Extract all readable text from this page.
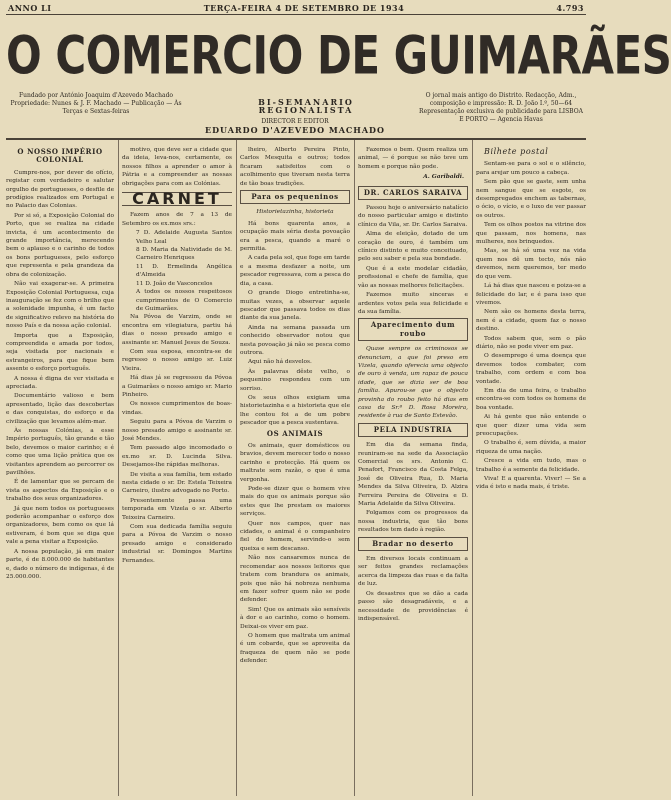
ANNO LI	TERÇA-FEIRA 4 DE SETEMBRO DE 1934	4.793
O COMERCIO DE GUIMARÃES
Fundado por António Joaquim d'Azevedo Machado
Propriedade: Nunes & J. F. Machado — Publicação — Às Terças e Sextas-feiras
BI-SEMANARIO REGIONALISTA
O jornal mais antigo do Distrito. Redacção, Adm., composição e impressão: R. D. João I.º, 50—64
Representação exclusiva de publicidade para LISBOA E PORTO — Agencia Havas
DIRECTOR E EDITOR
EDUARDO D'AZEVEDO MACHADO
O NOSSO IMPÉRIO COLONIAL
Cumpre-nos, por dever de ofício, registar com verdadeiro e salutar orgulho de portugueses, o desfile de prodígios realizados em Portugal e no Palacio das Colonias.
Por si só, a Exposição Colonial do Porto, que se realiza na cidade invicta, é um acontecimento de grande importância, merecendo bem o aplauso e o carinho de todos os bons portugueses, pelo esforço que representa e pela grandeza da obra de colonização.
Não vai exagerar-se. A primeira Exposição Colonial Portuguesa, cuja inauguração se fez com o brilho que a solenidade impunha, é um facto de significativo relevo na história do nosso País e da nossa ação colonial.
Importa que a Exposição, compreendida e amada por todos, seja visitada por nacionais e estrangeiros, para que fique bem assente o esforço português.
A nossa é digna de ver visitada e apreciada.
Documentário valioso e bem apresentado, lição das descobertas e das conquistas, do esforço e da civilização que levamos além-mar.
Às nossas Colónias, a esse Império português, tão grande e tão belo, devemos o maior carinho; e é como que uma lição prática que os visitantes aprendem ao percorrer os pavilhões.
É de lamentar que se percam de vista os aspectos da Exposição e o trabalho dos seus organizadores.
Já que nem todos os portugueses poderão acompanhar o esforço dos organizadores, bem como os que lá estiveram, é bom que se diga que vale a pena visitar a Exposição.
A nossa população, já em maior parte, é de 8.000.000 de habitantes e, dado o número de indígenas, é de 25.000.000.
motivo, que deve ser a cidade que da ideia, leva-nos, certamente, os nossos filhos a aprender o amor à Pátria e a compreender as nossas obrigações para com as Colónias.
CARNET
Fazem anos de 7 a 13 de Setembro os ex.mos srs.:
7 D. Adelaide Augusta Santos Velho Leal
8 D. Maria da Natividade de M. Carneiro Henriques
11 D. Ermelinda Angélica d'Almeida
11 D. João de Vasconcelos
A todos os nossos respeitosos cumprimentos de O Comercio de Guimarães.
Na Póvoa de Varzim, onde se encontra em vilegiatura, partiu há dias o nosso presado amigo e assinante sr. Manuel Jesus de Souza.
Com sua esposa, encontra-se de regresso o nosso amigo sr. Luiz Vieira.
Há dias já se regressou da Póvoa a Guimarães o nosso amigo sr. Mario Pinheiro.
Os nossos cumprimentos de boas-vindas.
Seguiu para a Póvoa de Varzim o nosso presado amigo e assinante sr. José Mendes.
Tem passado algo incomodado o ex.mo sr. D. Lucinda Silva. Desejamos-lhe rápidas melhoras.
De visita a sua família, tem estado nesta cidade o sr. Dr. Estela Teixeira Carneiro, ilustre advogado no Porto.
Presentemente passa uma temporada em Vizela o sr. Alberto Teixeira Carneiro.
Com sua dedicada família seguiu para a Póvoa de Varzim o nosso presado amigo e considerado industrial sr. Domingos Martins Fernandes.
lheiro, Alberto Pereira Pinto, Carlos Mesquita e outros; todos ficaram satisfeitos com o acolhimento que tiveram nesta terra de tão boas tradições.
Para os pequeninos
Historietazinha, historieta
Há bons quarenta anos, a ocupação mais séria desta povoação era a pesca, quando a maré o permitia.
A cada pela sol, que foge em tarde e a mesma desfazer a noite, um pescador regressava, com a pesca do dia, a casa.
O grande Diogo entretinha-se, muitas vezes, a observar aquele pescador que passava todos os dias diante da sua janela.
Ainda na semana passada um conhecido observador notou que nesta povoação já não se pesca como outrora.
Aqui não há desvelos.
Às palavras dêste velho, o pequenino respondeu com um sorriso.
Os seus olhos exigiam uma historietazinha e a historieta que ele lhe contou foi a de um pobre pescador que a pesca sustentava.
OS ANIMAIS
Os animais, quer domésticos ou bravios, devem merecer todo o nosso carinho e protecção. Há quem os maltrate sem razão, o que é uma vergonha.
Pode-se dizer que o homem vive mais do que os animais porque são estes que lhe prestam os maiores serviços.
Quer nos campos, quer nas cidades, o animal é o companheiro fiel do homem, servindo-o sem queixa e sem descanso.
Não nos cansaremos nunca de recomendar aos nossos leitores que tratem com brandura os animais, pois que não há nobreza nenhuma em fazer sofrer quem não se pode defender.
Sim! Que os animais são sensíveis à dor e ao carinho, como o homem. Deixai-os viver em paz.
O homem que maltrata um animal é um cobarde, que se aproveita da fraqueza de quem não se pode defender.
Fazemos o bem. Quem realiza um animal, — é porque se não teve um homem e porque não pode.
A. Garibaldi.
DR. CARLOS SARAIVA
Passou hoje o aniversário natalício do nosso particular amigo e distinto clínico da Vila, sr. Dr. Carlos Saraiva.
Alma de eleição, dotado de um coração de ouro, é também um clínico distinto e muito conceituado, pelo seu saber e pela sua bondade.
Que é a este modelar cidadão, profissional e chefe de família, que vão as nossas melhores felicitações.
Fazemos muito sinceras e ardentes votos pela sua felicidade e da sua família.
Aparecimento dum roubo
Quase sempre os criminosos se denunciam, a que foi preso em Vizela, quando oferecia uma objecto de ouro à venda, um rapaz de pouca idade, que se dizia ser de boa família. Apurou-se que o objecto provinha do roubo feito há dias em casa da Sr.ª D. Rosa Moreira, residente à rua de Santo Estevão.
PELA INDUSTRIA
Em dia da semana finda, reuniram-se na sede da Associação Comercial os srs. Antonio C. Penafort, Francisco da Costa Felga, José de Oliveira Rua, D. Maria Mendes da Silva Oliveira, D. Alzira Ferreira Pereira de Oliveira e D. Maria Adelaide da Silva Oliveira.
Folgamos com os progressos da nossa industria, que tão bons resultados tem dado à região.
Bradar no deserto
Em diversos locais continuam a ser feitos grandes reclamações acerca da limpeza das ruas e da falta de luz.
Os desastres que se dão a cada passo são desagradáveis, e a necessidade de providências é indispensável.
Bilhete postal
Sentam-se para o sol e o silêncio, para arejar um pouco a cabeça.
Sem pão que se gaste, sem unha nem sangue que se esgote, os desempregados enchem as tabernas, o ócio, o vício, e o luxo de ver passar os outros.
Tem os olhos postos na vitrine dos que passam, nos homens, nas mulheres, nos brinquedos.
Mas, se há só uma vez na vida quem nos dê um tecto, nós não devemos, nem queremos, ter medo do que vem.
Lá há dias que nasceu e poiza-se a felicidade do lar, e é para isso que vivemos.
Nem são os homens desta terra, nem é a cidade, quem faz o nosso destino.
Todos sabem que, sem o pão diário, não se pode viver em paz.
O desemprego é uma doença que devemos todos combater, com trabalho, com ordem e com boa vontade.
Em dia de uma feira, o trabalho encontra-se com todos os homens de boa vontade.
Ai há gente que não entende o que quer dizer uma vida sem preocupações.
O trabalho é, sem dúvida, a maior riqueza de uma nação.
Cresce a vida em tudo, mas o trabalho é a semente da felicidade.
Viva! E a quarenta. Viver! — Se a vida é isto e nada mais, é triste.
